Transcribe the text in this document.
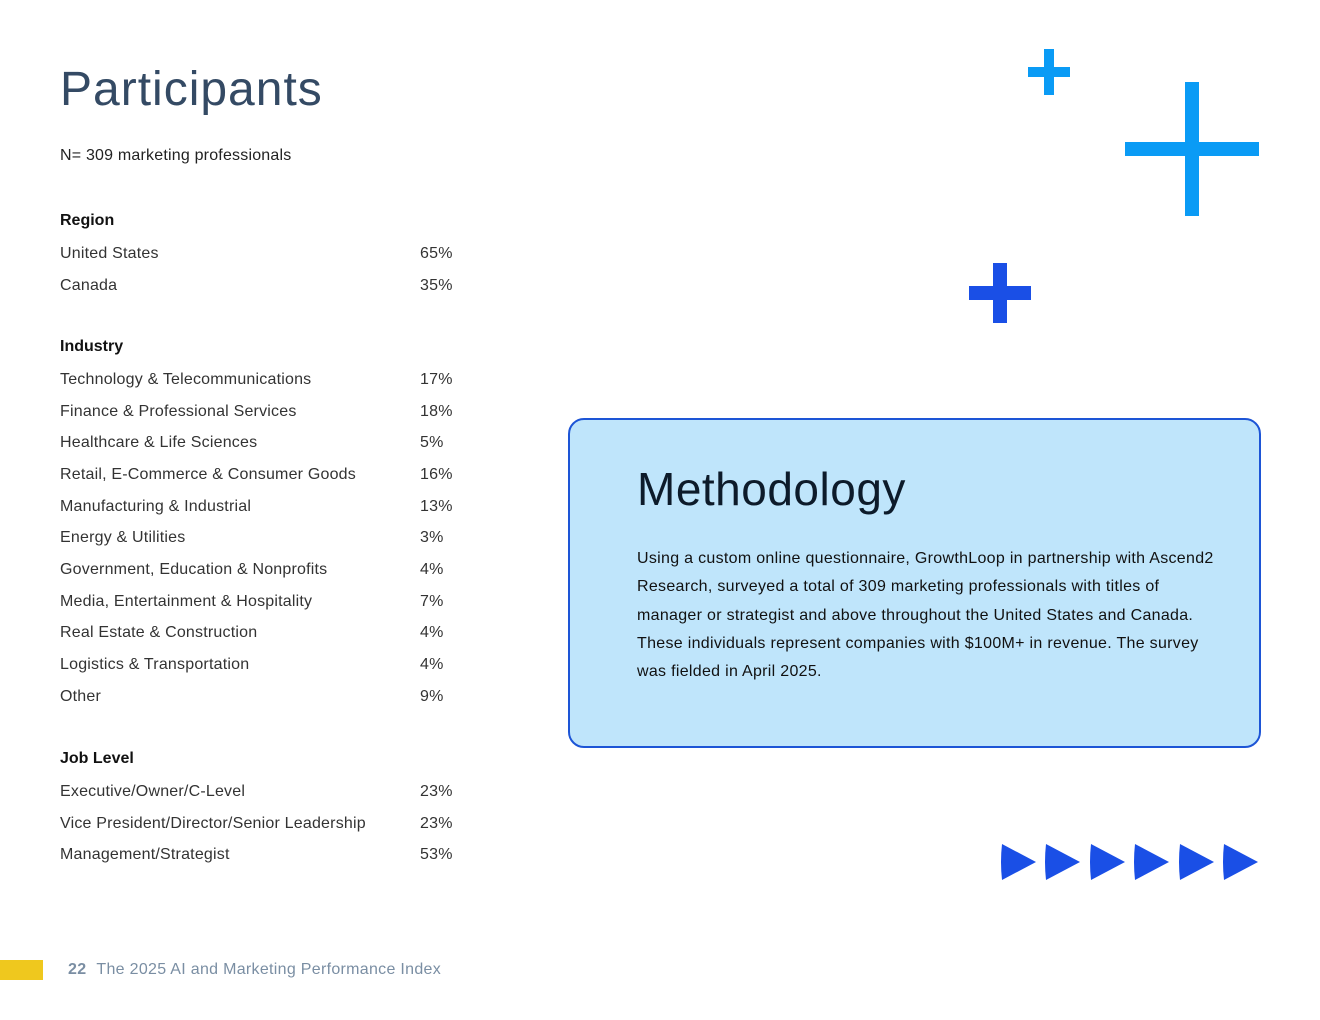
Participants
N= 309 marketing professionals
Region
United States	65%
Canada	35%
Industry
Technology & Telecommunications	17%
Finance & Professional Services	18%
Healthcare & Life Sciences	5%
Retail, E-Commerce & Consumer Goods	16%
Manufacturing & Industrial	13%
Energy & Utilities	3%
Government, Education & Nonprofits	4%
Media, Entertainment & Hospitality	7%
Real Estate & Construction	4%
Logistics & Transportation	4%
Other	9%
Job Level
Executive/Owner/C-Level	23%
Vice President/Director/Senior Leadership	23%
Management/Strategist	53%
Methodology
Using a custom online questionnaire, GrowthLoop in partnership with Ascend2 Research, surveyed a total of 309 marketing professionals with titles of manager or strategist and above throughout the United States and Canada. These individuals represent companies with $100M+ in revenue. The survey was fielded in April 2025.
22 The 2025 AI and Marketing Performance Index
